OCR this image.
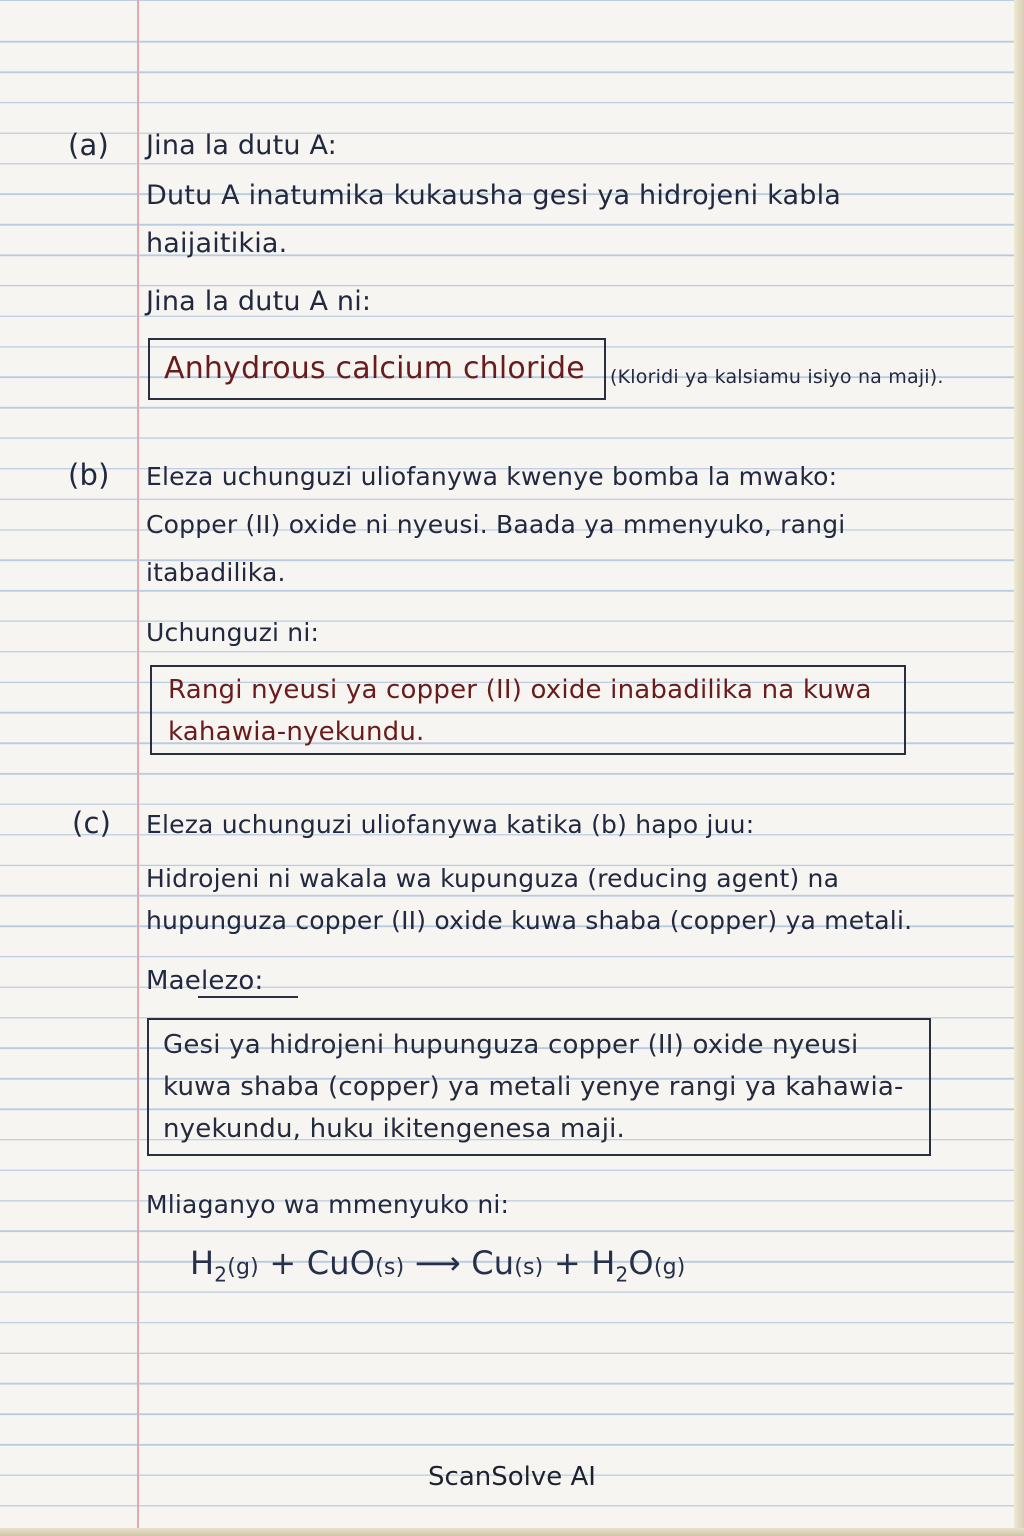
(a) Jina la dutu A:
Dutu A inatumika kukausha gesi ya hidrojeni kabla
haijaitikia.
Jina la dutu A ni:
Anhydrous calcium chloride (Kloridi ya kalsiamu isiyo na maji).
(b) Eleza uchunguzi uliofanywa kwenye bomba la mwako:
Copper (II) oxide ni nyeusi. Baada ya mmenyuko, rangi
itabadilika.
Uchunguzi ni:
Rangi nyeusi ya copper (II) oxide inabadilika na kuwa kahawia-nyekundu.
(c) Eleza uchunguzi uliofanywa katika (b) hapo juu:
Hidrojeni ni wakala wa kupunguza (reducing agent) na
hupunguza copper (II) oxide kuwa shaba (copper) ya metali.
Maelezo:
Gesi ya hidrojeni hupunguza copper (II) oxide nyeusi kuwa shaba (copper) ya metali yenye rangi ya kahawia-nyekundu, huku ikitengenesa maji.
Mliaganyo wa mmenyuko ni:
$H_2(g) + CuO(s)$ ⟶ $Cu(s) + H_2O(g)$
ScanSolve AI
